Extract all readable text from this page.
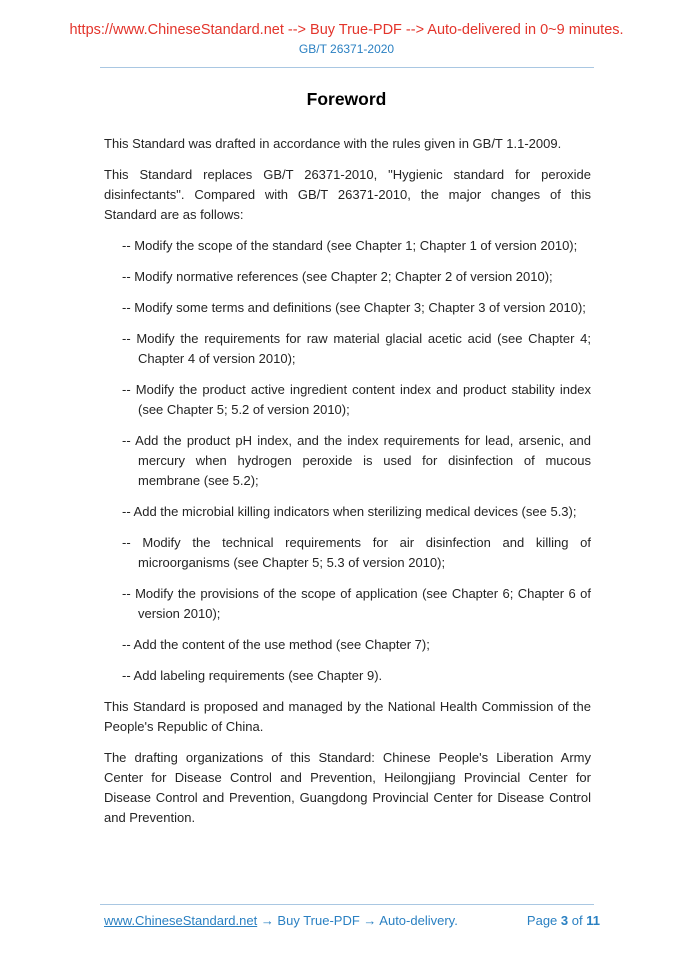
https://www.ChineseStandard.net --> Buy True-PDF --> Auto-delivered in 0~9 minutes.
GB/T 26371-2020
Foreword

This Standard was drafted in accordance with the rules given in GB/T 1.1-2009.

This Standard replaces GB/T 26371-2010, "Hygienic standard for peroxide disinfectants". Compared with GB/T 26371-2010, the major changes of this Standard are as follows:

-- Modify the scope of the standard (see Chapter 1; Chapter 1 of version 2010);
-- Modify normative references (see Chapter 2; Chapter 2 of version 2010);
-- Modify some terms and definitions (see Chapter 3; Chapter 3 of version 2010);
-- Modify the requirements for raw material glacial acetic acid (see Chapter 4; Chapter 4 of version 2010);
-- Modify the product active ingredient content index and product stability index (see Chapter 5; 5.2 of version 2010);
-- Add the product pH index, and the index requirements for lead, arsenic, and mercury when hydrogen peroxide is used for disinfection of mucous membrane (see 5.2);
-- Add the microbial killing indicators when sterilizing medical devices (see 5.3);
-- Modify the technical requirements for air disinfection and killing of microorganisms (see Chapter 5; 5.3 of version 2010);
-- Modify the provisions of the scope of application (see Chapter 6; Chapter 6 of version 2010);
-- Add the content of the use method (see Chapter 7);
-- Add labeling requirements (see Chapter 9).

This Standard is proposed and managed by the National Health Commission of the People's Republic of China.

The drafting organizations of this Standard: Chinese People's Liberation Army Center for Disease Control and Prevention, Heilongjiang Provincial Center for Disease Control and Prevention, Guangdong Provincial Center for Disease Control and Prevention.

www.ChineseStandard.net → Buy True-PDF → Auto-delivery.	Page 3 of 11
